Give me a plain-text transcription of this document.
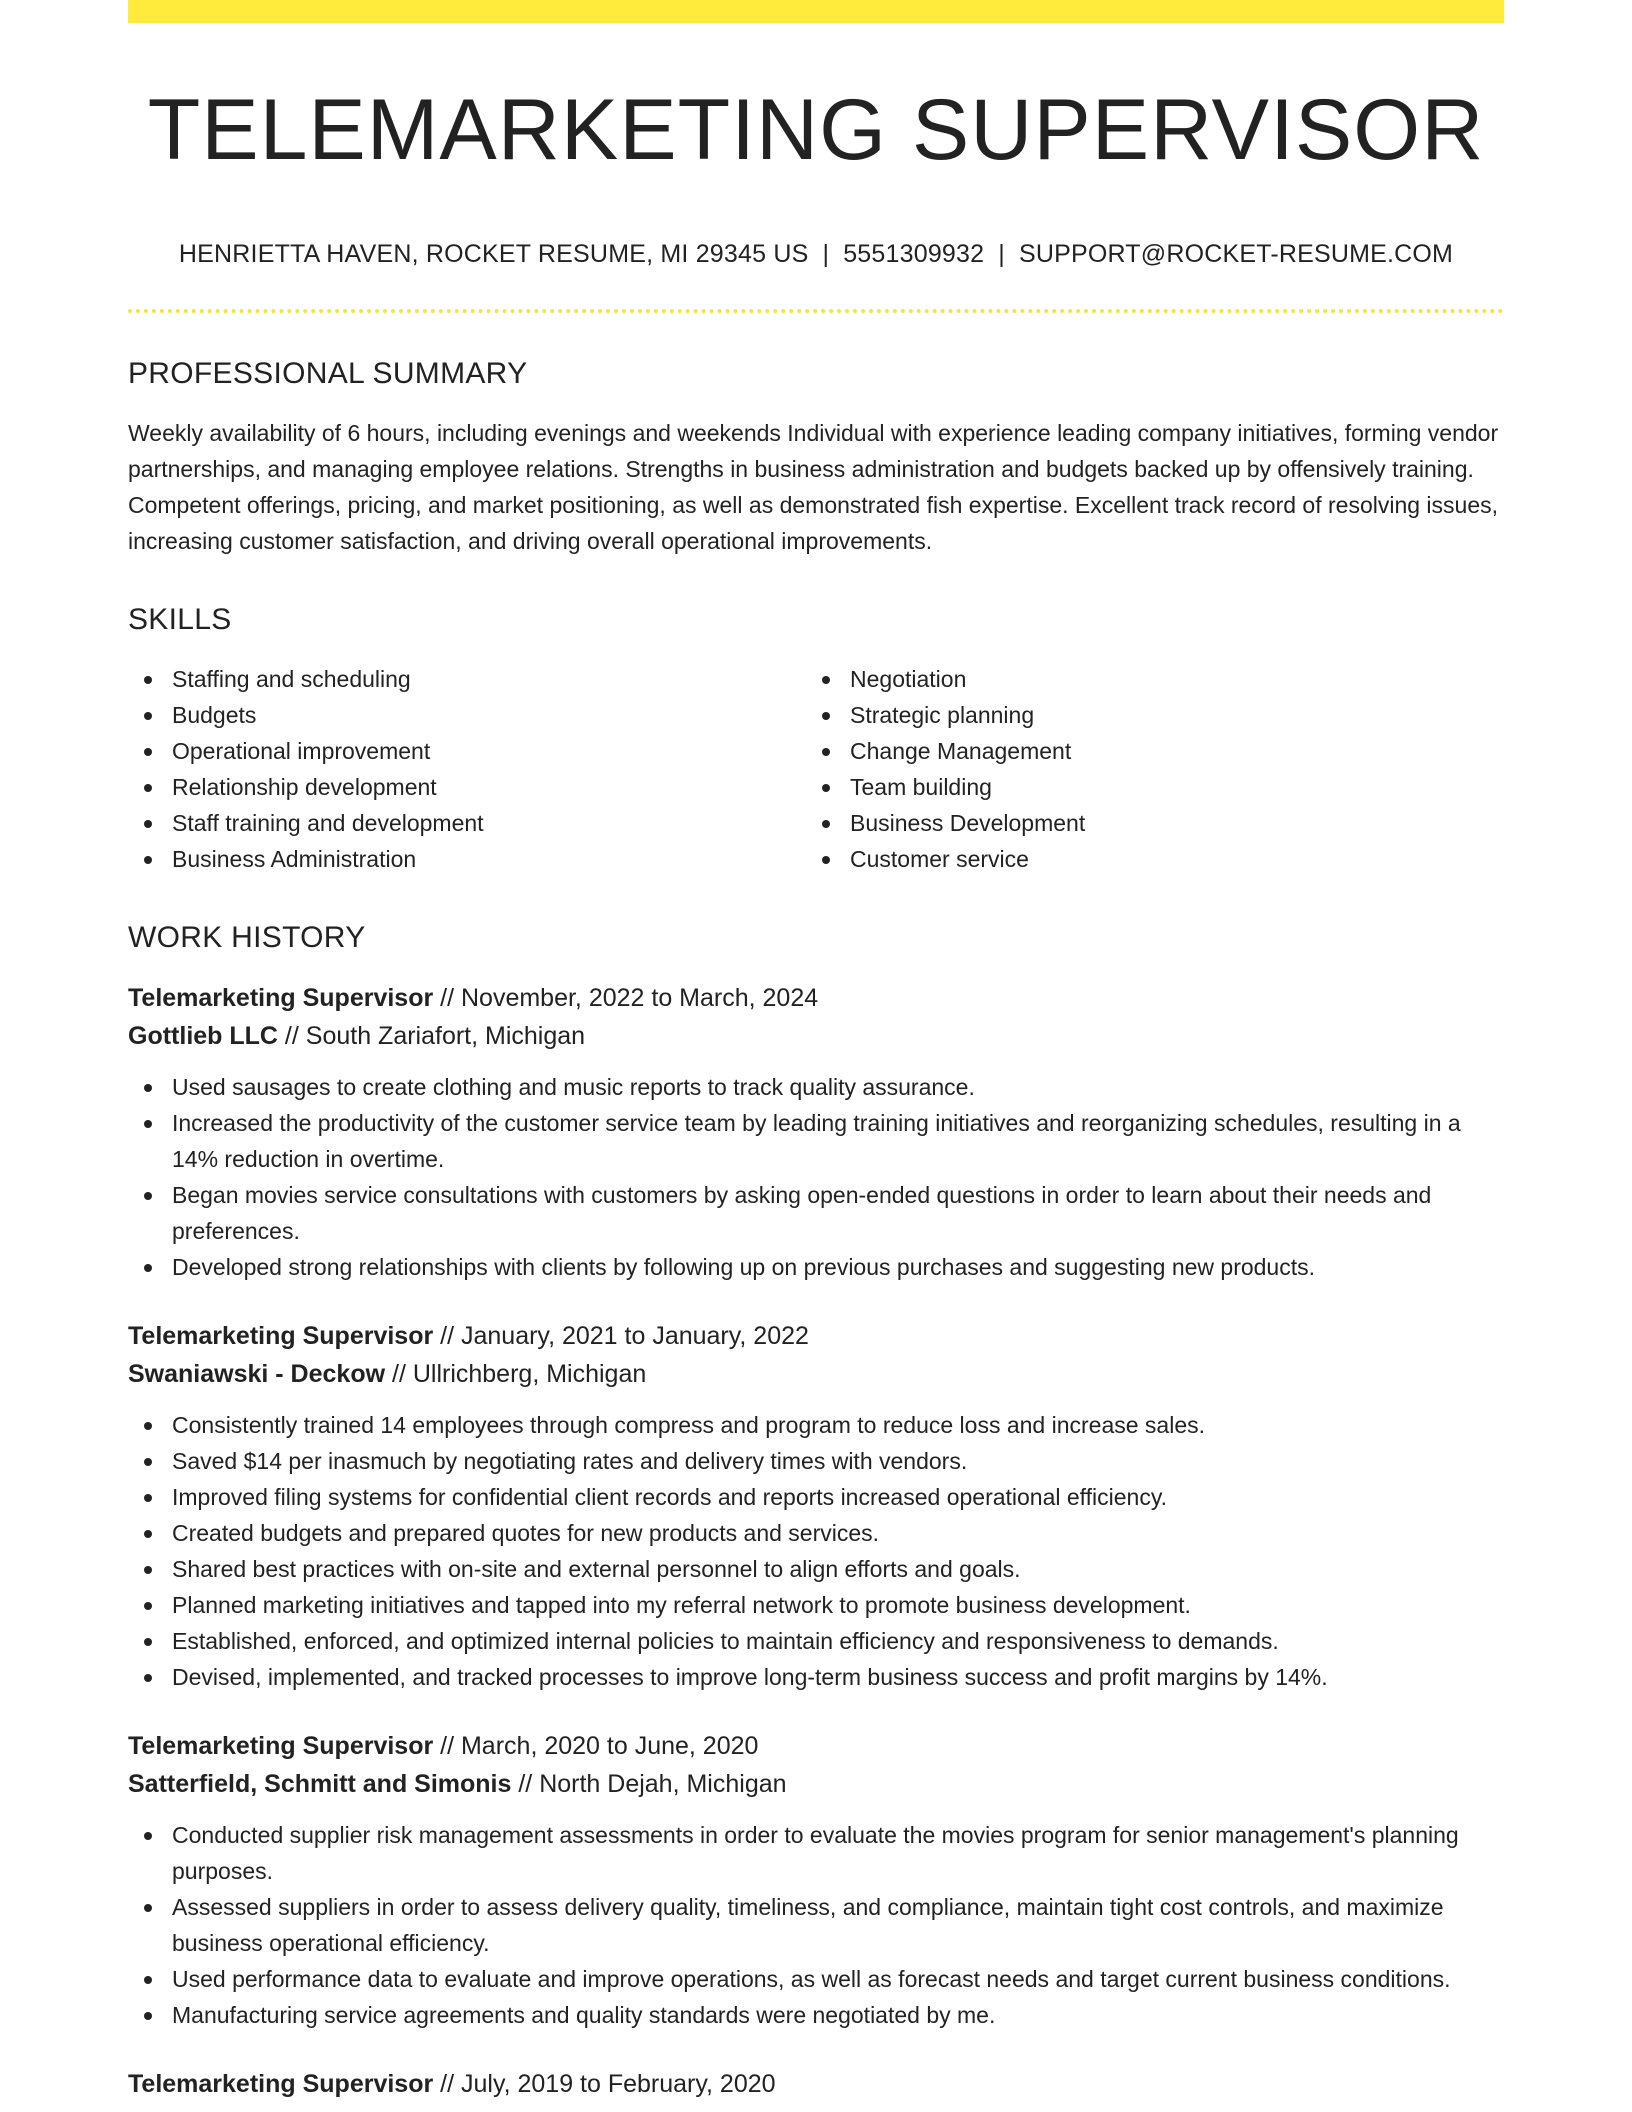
TELEMARKETING SUPERVISOR
HENRIETTA HAVEN, ROCKET RESUME, MI 29345 US | 5551309932 | SUPPORT@ROCKET-RESUME.COM
PROFESSIONAL SUMMARY

Weekly availability of 6 hours, including evenings and weekends Individual with experience leading company initiatives, forming vendor partnerships, and managing employee relations. Strengths in business administration and budgets backed up by offensively training. Competent offerings, pricing, and market positioning, as well as demonstrated fish expertise. Excellent track record of resolving issues, increasing customer satisfaction, and driving overall operational improvements.

SKILLS
Staffing and scheduling
Budgets
Operational improvement
Relationship development
Staff training and development
Business Administration
Negotiation
Strategic planning
Change Management
Team building
Business Development
Customer service
WORK HISTORY
Telemarketing Supervisor // November, 2022 to March, 2024
Gottlieb LLC // South Zariafort, Michigan
Used sausages to create clothing and music reports to track quality assurance.
Increased the productivity of the customer service team by leading training initiatives and reorganizing schedules, resulting in a 14% reduction in overtime.
Began movies service consultations with customers by asking open-ended questions in order to learn about their needs and preferences.
Developed strong relationships with clients by following up on previous purchases and suggesting new products.
Telemarketing Supervisor // January, 2021 to January, 2022
Swaniawski - Deckow // Ullrichberg, Michigan
Consistently trained 14 employees through compress and program to reduce loss and increase sales.
Saved $14 per inasmuch by negotiating rates and delivery times with vendors.
Improved filing systems for confidential client records and reports increased operational efficiency.
Created budgets and prepared quotes for new products and services.
Shared best practices with on-site and external personnel to align efforts and goals.
Planned marketing initiatives and tapped into my referral network to promote business development.
Established, enforced, and optimized internal policies to maintain efficiency and responsiveness to demands.
Devised, implemented, and tracked processes to improve long-term business success and profit margins by 14%.
Telemarketing Supervisor // March, 2020 to June, 2020
Satterfield, Schmitt and Simonis // North Dejah, Michigan
Conducted supplier risk management assessments in order to evaluate the movies program for senior management's planning purposes.
Assessed suppliers in order to assess delivery quality, timeliness, and compliance, maintain tight cost controls, and maximize business operational efficiency.
Used performance data to evaluate and improve operations, as well as forecast needs and target current business conditions.
Manufacturing service agreements and quality standards were negotiated by me.
Telemarketing Supervisor // July, 2019 to February, 2020
